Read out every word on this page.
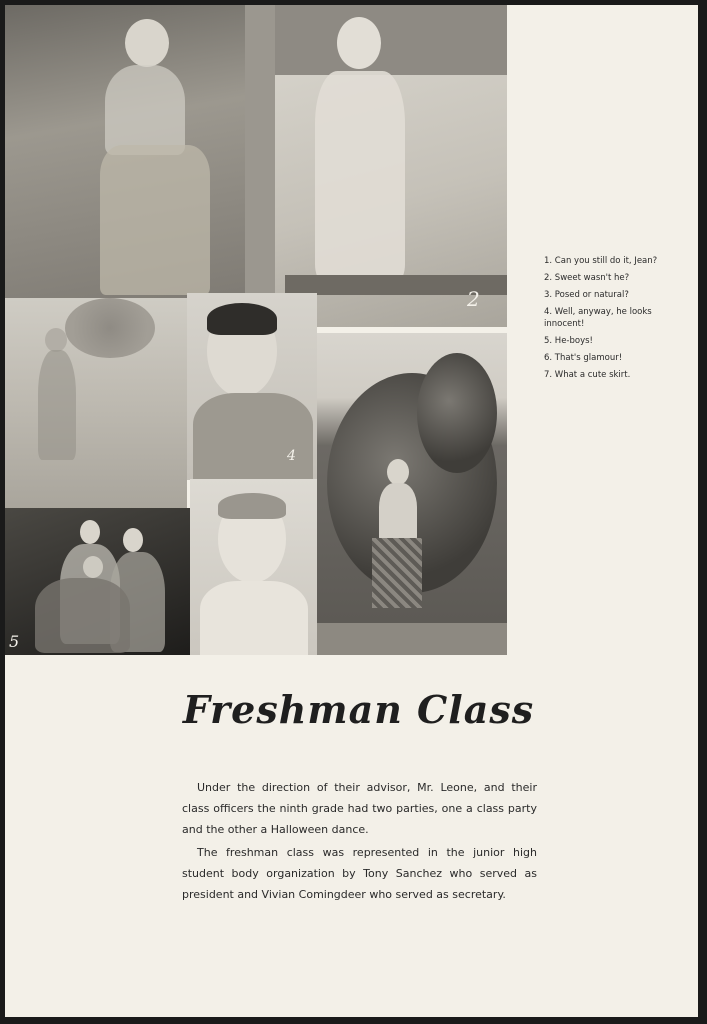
2
4
5
1. Can you still do it, Jean?
2. Sweet wasn't he?
3. Posed or natural?
4. Well, anyway, he looks innocent!
5. He-boys!
6. That's glamour!
7. What a cute skirt.
Freshman Class

Under the direction of their advisor, Mr. Leone, and their class officers the ninth grade had two parties, one a class party and the other a Halloween dance.

The freshman class was represented in the junior high student body organization by Tony Sanchez who served as president and Vivian Comingdeer who served as secretary.
